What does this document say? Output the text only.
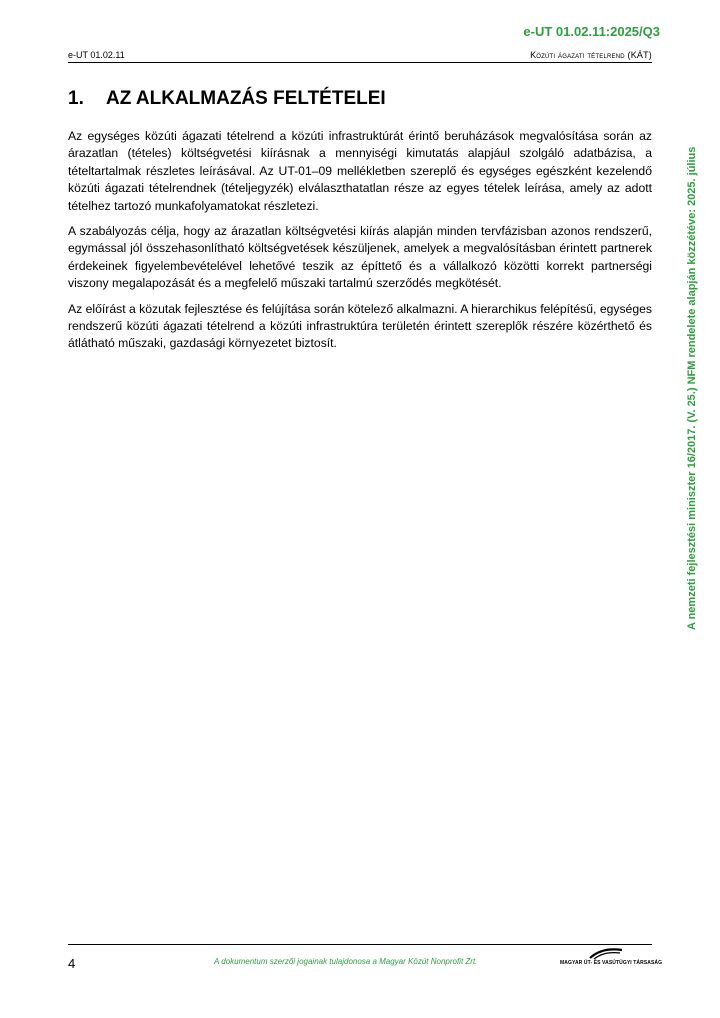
e-UT 01.02.11:2025/Q3
e-UT 01.02.11	Közúti ágazati tételrend (KÁT)
1. AZ ALKALMAZÁS FELTÉTELEI

Az egységes közúti ágazati tételrend a közúti infrastruktúrát érintő beruházások megvalósítása során az árazatlan (tételes) költségvetési kiírásnak a mennyiségi kimutatás alapjául szolgáló adatbázisa, a tételtartalmak részletes leírásával. Az UT-01–09 mellékletben szereplő és egységes egészként kezelendő közúti ágazati tételrendnek (tételjegyzék) elválaszthatatlan része az egyes tételek leírása, amely az adott tételhez tartozó munkafolyamatokat részletezi.

A szabályozás célja, hogy az árazatlan költségvetési kiírás alapján minden tervfázisban azonos rendszerű, egymással jól összehasonlítható költségvetések készüljenek, amelyek a megvalósításban érintett partnerek érdekeinek figyelembevételével lehetővé teszik az építtető és a vállalkozó közötti korrekt partnerségi viszony megalapozását és a megfelelő műszaki tartalmú szerződés megkötését.

Az előírást a közutak fejlesztése és felújítása során kötelező alkalmazni. A hierarchikus felépítésű, egységes rendszerű közúti ágazati tételrend a közúti infrastruktúra területén érintett szereplők részére közérthető és átlátható műszaki, gazdasági környezetet biztosít.	A nemzeti fejlesztési miniszter 16/2017. (V. 25.) NFM rendelete alapján közzétéve: 2025. július
4	A dokumentum szerzői jogainak tulajdonosa a Magyar Közút Nonprofit Zrt.	MAGYAR ÚT- ÉS VASÚTÜGYI TÁRSASÁG
